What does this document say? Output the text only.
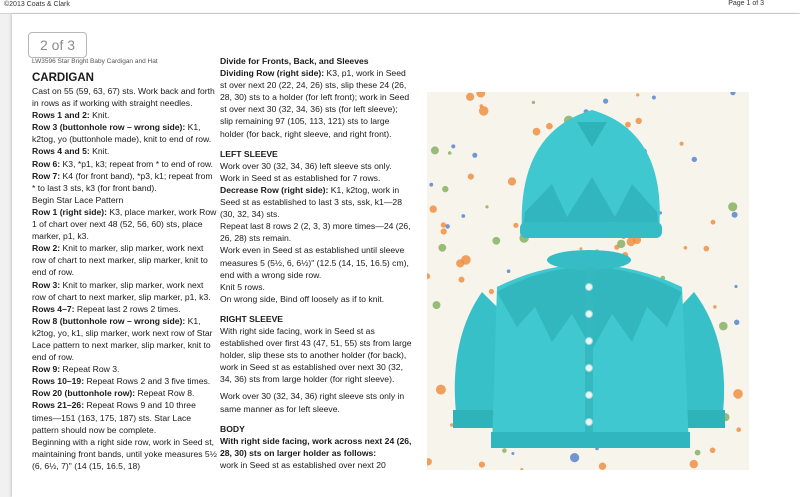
©2013 Coats & Clark	Page 1 of 3
2 of 3

LW3596 Star Bright Baby Cardigan and Hat

CARDIGAN

Cast on 55 (59, 63, 67) sts. Work back and forth in rows as if working with straight needles.

Rows 1 and 2: Knit.

Row 3 (buttonhole row – wrong side): K1, k2tog, yo (buttonhole made), knit to end of row.

Rows 4 and 5: Knit.

Row 6: K3, *p1, k3; repeat from * to end of row.

Row 7: K4 (for front band), *p3, k1; repeat from * to last 3 sts, k3 (for front band).

Begin Star Lace Pattern

Row 1 (right side): K3, place marker, work Row 1 of chart over next 48 (52, 56, 60) sts, place marker, p1, k3.

Row 2: Knit to marker, slip marker, work next row of chart to next marker, slip marker, knit to end of row.

Row 3: Knit to marker, slip marker, work next row of chart to next marker, slip marker, p1, k3.

Rows 4–7: Repeat last 2 rows 2 times.

Row 8 (buttonhole row – wrong side): K1, k2tog, yo, k1, slip marker, work next row of Star Lace pattern to next marker, slip marker, knit to end of row.

Row 9: Repeat Row 3.

Rows 10–19: Repeat Rows 2 and 3 five times.

Row 20 (buttonhole row): Repeat Row 8.

Rows 21–26: Repeat Rows 9 and 10 three times—151 (163, 175, 187) sts. Star Lace pattern should now be complete.

Beginning with a right side row, work in Seed st, maintaining front bands, until yoke measures 5½ (6, 6½, 7)" (14 (15, 16.5, 18)

Divide for Fronts, Back, and Sleeves

Dividing Row (right side): K3, p1, work in Seed st over next 20 (22, 24, 26) sts, slip these 24 (26, 28, 30) sts to a holder (for left front); work in Seed st over next 30 (32, 34, 36) sts (for left sleeve); slip remaining 97 (105, 113, 121) sts to large holder (for back, right sleeve, and right front).

LEFT SLEEVE

Work over 30 (32, 34, 36) left sleeve sts only. Work in Seed st as established for 7 rows.

Decrease Row (right side): K1, k2tog, work in Seed st as established to last 3 sts, ssk, k1—28 (30, 32, 34) sts.

Repeat last 8 rows 2 (2, 3, 3) more times—24 (26, 26, 28) sts remain.

Work even in Seed st as established until sleeve measures 5 (5½, 6, 6½)" (12.5 (14, 15, 16.5) cm), end with a wrong side row.

Knit 5 rows.

On wrong side, Bind off loosely as if to knit.

RIGHT SLEEVE

With right side facing, work in Seed st as established over first 43 (47, 51, 55) sts from large holder, slip these sts to another holder (for back), work in Seed st as established over next 30 (32, 34, 36) sts from large holder (for right sleeve).

Work over 30 (32, 34, 36) right sleeve sts only in same manner as for left sleeve.

BODY

With right side facing, work across next 24 (26, 28, 30) sts on larger holder as follows:

work in Seed st as established over next 20
